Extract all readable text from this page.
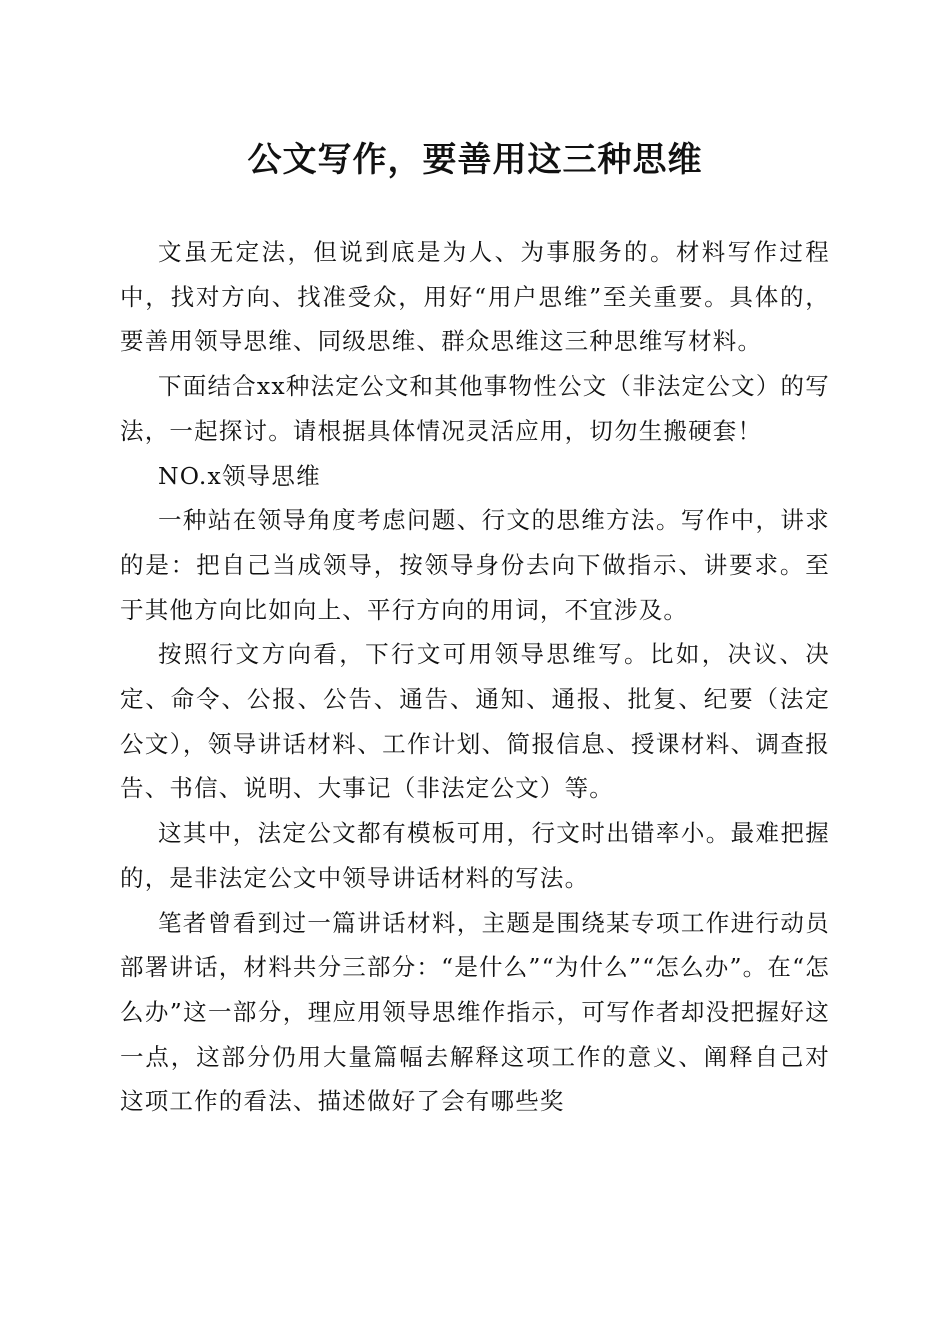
公文写作，要善用这三种思维

文虽无定法，但说到底是为人、为事服务的。材料写作过程中，找对方向、找准受众，用好“用户思维”至关重要。具体的，要善用领导思维、同级思维、群众思维这三种思维写材料。

下面结合xx种法定公文和其他事物性公文（非法定公文）的写法，一起探讨。请根据具体情况灵活应用，切勿生搬硬套！

NO.x领导思维

一种站在领导角度考虑问题、行文的思维方法。写作中，讲求的是：把自己当成领导，按领导身份去向下做指示、讲要求。至于其他方向比如向上、平行方向的用词，不宜涉及。

按照行文方向看，下行文可用领导思维写。比如，决议、决定、命令、公报、公告、通告、通知、通报、批复、纪要（法定公文），领导讲话材料、工作计划、简报信息、授课材料、调查报告、书信、说明、大事记（非法定公文）等。

这其中，法定公文都有模板可用，行文时出错率小。最难把握的，是非法定公文中领导讲话材料的写法。

笔者曾看到过一篇讲话材料，主题是围绕某专项工作进行动员部署讲话，材料共分三部分：“是什么”“为什么”“怎么办”。在“怎么办”这一部分，理应用领导思维作指示，可写作者却没把握好这一点，这部分仍用大量篇幅去解释这项工作的意义、阐释自己对这项工作的看法、描述做好了会有哪些奖
